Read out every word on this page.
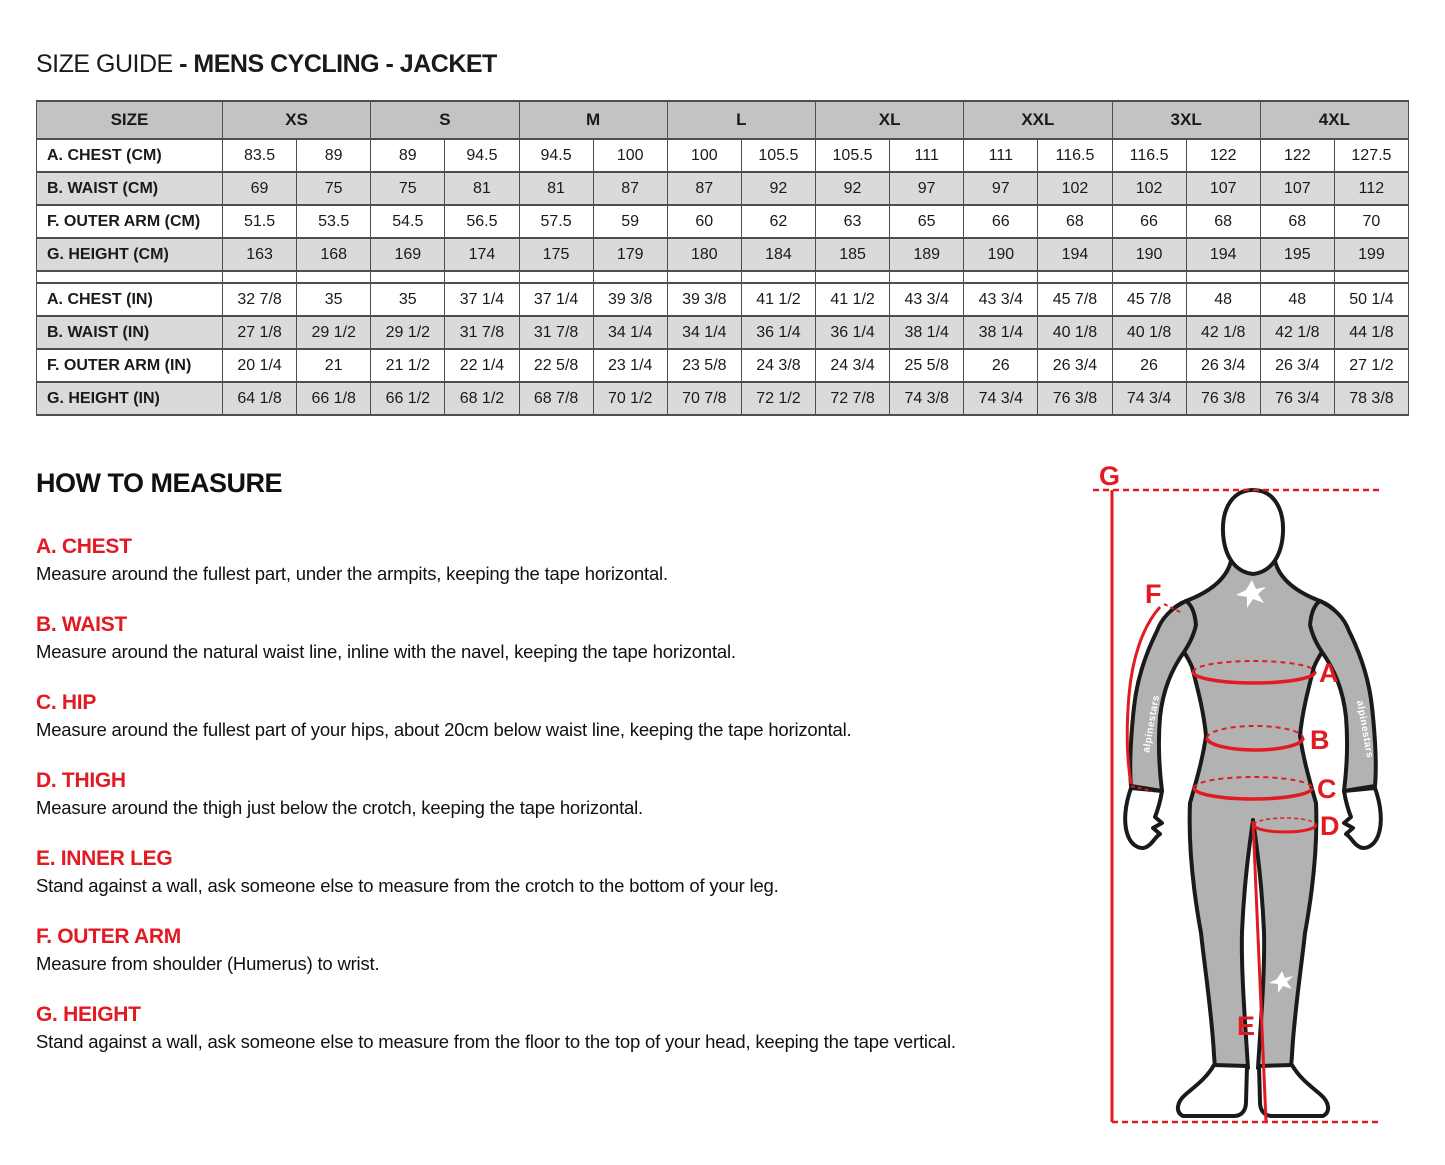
SIZE GUIDE - MENS CYCLING - JACKET
SIZE	XS		S		M		L		XL		XXL		3XL		4XL	
A. CHEST (CM)	83.5	89	89	94.5	94.5	100	100	105.5	105.5	111	111	116.5	116.5	122	122	127.5
B. WAIST (CM)	69	75	75	81	81	87	87	92	92	97	97	102	102	107	107	112
F. OUTER ARM (CM)	51.5	53.5	54.5	56.5	57.5	59	60	62	63	65	66	68	66	68	68	70
G. HEIGHT (CM)	163	168	169	174	175	179	180	184	185	189	190	194	190	194	195	199

A. CHEST (IN)	32 7/8	35	35	37 1/4	37 1/4	39 3/8	39 3/8	41 1/2	41 1/2	43 3/4	43 3/4	45 7/8	45 7/8	48	48	50 1/4
B. WAIST (IN)	27 1/8	29 1/2	29 1/2	31 7/8	31 7/8	34 1/4	34 1/4	36 1/4	36 1/4	38 1/4	38 1/4	40 1/8	40 1/8	42 1/8	42 1/8	44 1/8
F. OUTER ARM (IN)	20 1/4	21	21 1/2	22 1/4	22 5/8	23 1/4	23 5/8	24 3/8	24 3/4	25 5/8	26	26 3/4	26	26 3/4	26 3/4	27 1/2
G. HEIGHT (IN)	64 1/8	66 1/8	66 1/2	68 1/2	68 7/8	70 1/2	70 7/8	72 1/2	72 7/8	74 3/8	74 3/4	76 3/8	74 3/4	76 3/8	76 3/4	78 3/8
HOW TO MEASURE
A. CHEST

Measure around the fullest part, under the armpits, keeping the tape horizontal.

B. WAIST

Measure around the natural waist line, inline with the navel, keeping the tape horizontal.

C. HIP

Measure around the fullest part of your hips, about 20cm below waist line, keeping the tape horizontal.

D. THIGH

Measure around the thigh just below the crotch, keeping the tape horizontal.

E. INNER LEG

Stand against a wall, ask someone else to measure from the crotch to the bottom of your leg.

F. OUTER ARM

Measure from shoulder (Humerus) to wrist.

G. HEIGHT

Stand against a wall, ask someone else to measure from the floor to the top of your head, keeping the tape vertical.

alpinestars	alpinestars
G
F
A
B
C
D
E
